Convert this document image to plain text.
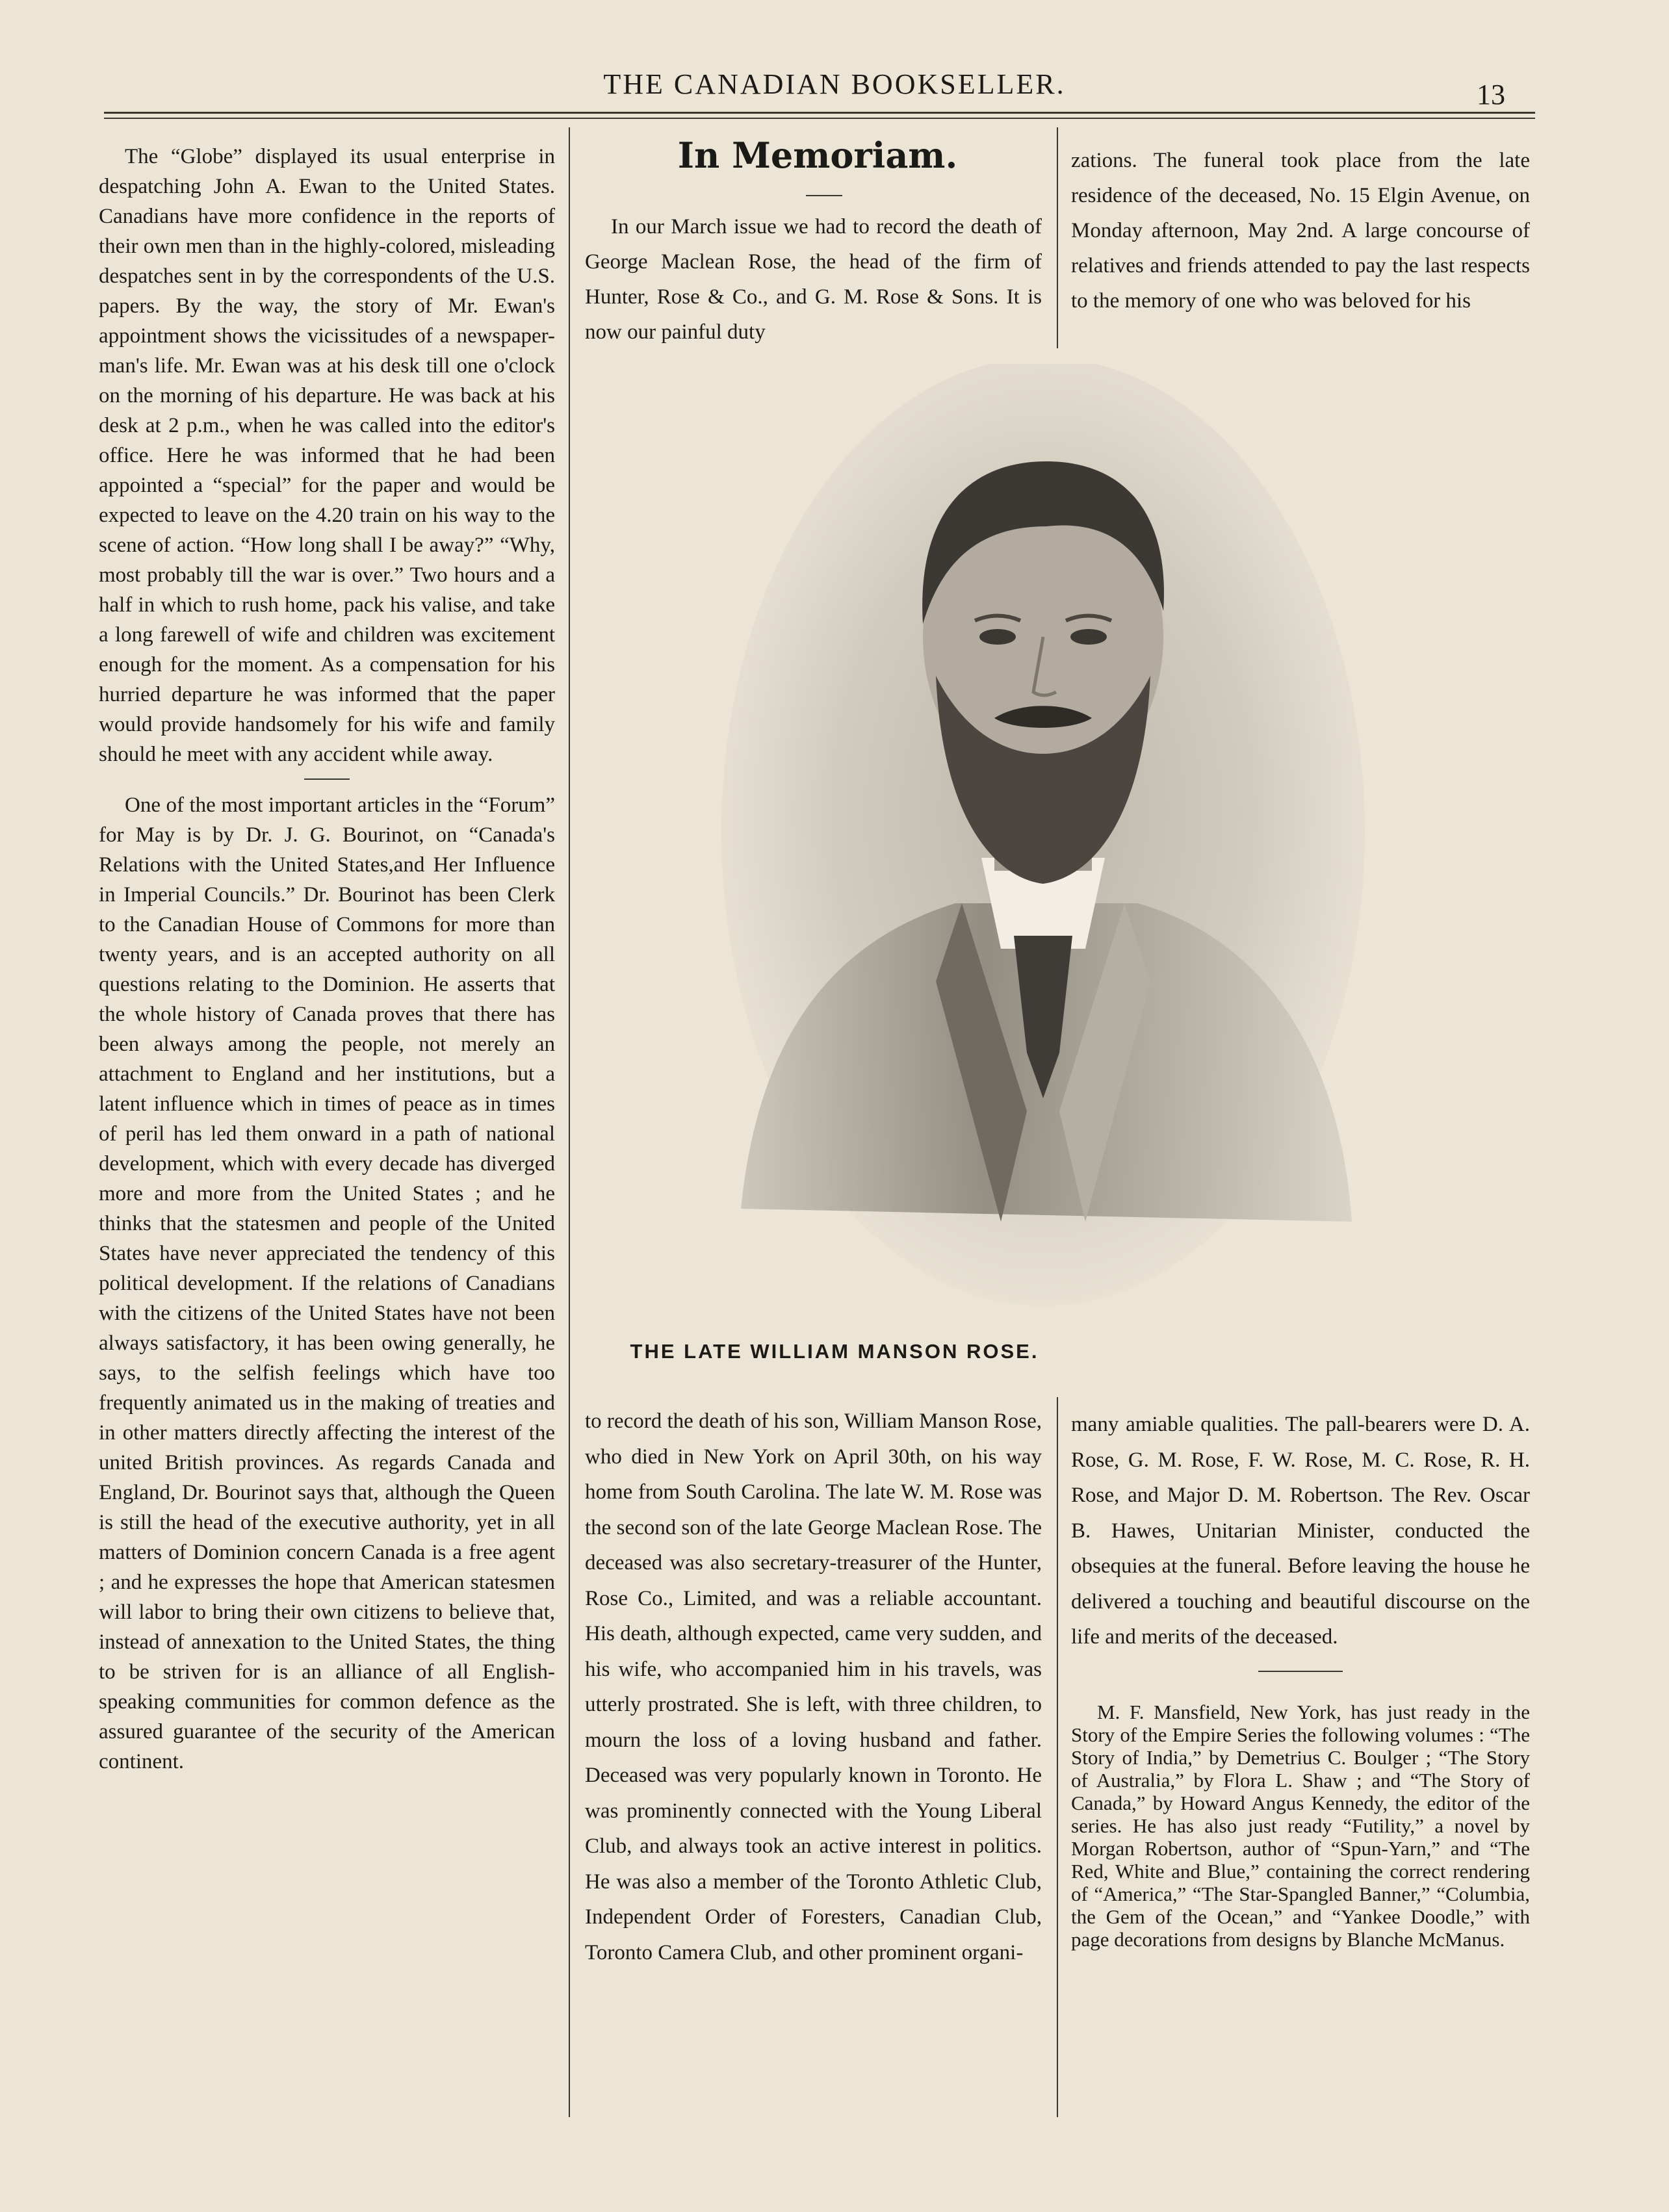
THE CANADIAN BOOKSELLER.	13

The “Globe” displayed its usual enterprise in despatching John A. Ewan to the United States. Canadians have more confidence in the reports of their own men than in the highly-colored, misleading despatches sent in by the correspondents of the U.S. papers. By the way, the story of Mr. Ewan's appointment shows the vicissitudes of a newspaper-man's life. Mr. Ewan was at his desk till one o'clock on the morning of his departure. He was back at his desk at 2 p.m., when he was called into the editor's office. Here he was informed that he had been appointed a “special” for the paper and would be expected to leave on the 4.20 train on his way to the scene of action. “How long shall I be away?” “Why, most probably till the war is over.” Two hours and a half in which to rush home, pack his valise, and take a long farewell of wife and children was excitement enough for the moment. As a compensation for his hurried departure he was informed that the paper would provide handsomely for his wife and family should he meet with any accident while away.

One of the most important articles in the “Forum” for May is by Dr. J. G. Bourinot, on “Canada's Relations with the United States,and Her Influence in Imperial Councils.” Dr. Bourinot has been Clerk to the Canadian House of Commons for more than twenty years, and is an accepted authority on all questions relating to the Dominion. He asserts that the whole history of Canada proves that there has been always among the people, not merely an attachment to England and her institutions, but a latent influence which in times of peace as in times of peril has led them onward in a path of national development, which with every decade has diverged more and more from the United States ; and he thinks that the statesmen and people of the United States have never appreciated the tendency of this political development. If the relations of Canadians with the citizens of the United States have not been always satisfactory, it has been owing generally, he says, to the selfish feelings which have too frequently animated us in the making of treaties and in other matters directly affecting the interest of the united British provinces. As regards Canada and England, Dr. Bourinot says that, although the Queen is still the head of the executive authority, yet in all matters of Dominion concern Canada is a free agent ; and he expresses the hope that American statesmen will labor to bring their own citizens to believe that, instead of annexation to the United States, the thing to be striven for is an alliance of all English-speaking communities for common defence as the assured guarantee of the security of the American continent.

In Memoriam.

In our March issue we had to record the death of George Maclean Rose, the head of the firm of Hunter, Rose & Co., and G. M. Rose & Sons. It is now our painful duty

zations. The funeral took place from the late residence of the deceased, No. 15 Elgin Avenue, on Monday afternoon, May 2nd. A large concourse of relatives and friends attended to pay the last respects to the memory of one who was beloved for his

THE LATE WILLIAM MANSON ROSE.

to record the death of his son, William Manson Rose, who died in New York on April 30th, on his way home from South Carolina. The late W. M. Rose was the second son of the late George Maclean Rose. The deceased was also secretary-treasurer of the Hunter, Rose Co., Limited, and was a reliable accountant. His death, although expected, came very sudden, and his wife, who accompanied him in his travels, was utterly prostrated. She is left, with three children, to mourn the loss of a loving husband and father. Deceased was very popularly known in Toronto. He was prominently connected with the Young Liberal Club, and always took an active interest in politics. He was also a member of the Toronto Athletic Club, Independent Order of Foresters, Canadian Club, Toronto Camera Club, and other prominent organi-

many amiable qualities. The pall-bearers were D. A. Rose, G. M. Rose, F. W. Rose, M. C. Rose, R. H. Rose, and Major D. M. Robertson. The Rev. Oscar B. Hawes, Unitarian Minister, conducted the obsequies at the funeral. Before leaving the house he delivered a touching and beautiful discourse on the life and merits of the deceased.

M. F. Mansfield, New York, has just ready in the Story of the Empire Series the following volumes : “The Story of India,” by Demetrius C. Boulger ; “The Story of Australia,” by Flora L. Shaw ; and “The Story of Canada,” by Howard Angus Kennedy, the editor of the series. He has also just ready “Futility,” a novel by Morgan Robertson, author of “Spun-Yarn,” and “The Red, White and Blue,” containing the correct rendering of “America,” “The Star-Spangled Banner,” “Columbia, the Gem of the Ocean,” and “Yankee Doodle,” with page decorations from designs by Blanche McManus.
